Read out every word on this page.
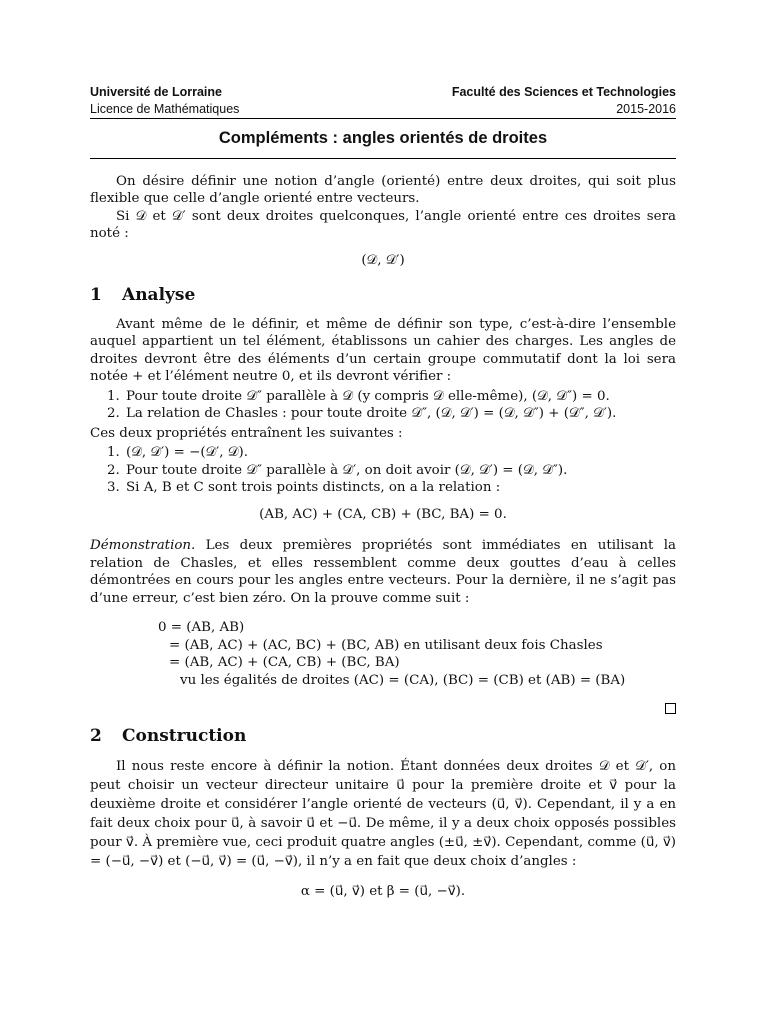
Université de Lorraine	Faculté des Sciences et Technologies
Licence de Mathématiques	2015-2016
Compléments : angles orientés de droites

On désire définir une notion d’angle (orienté) entre deux droites, qui soit plus flexible que celle d’angle orienté entre vecteurs.

Si 𝒟 et 𝒟′ sont deux droites quelconques, l’angle orienté entre ces droites sera noté :

(𝒟, 𝒟′)
1	Analyse

Avant même de le définir, et même de définir son type, c’est-à-dire l’ensemble auquel appartient un tel élément, établissons un cahier des charges. Les angles de droites devront être des éléments d’un certain groupe commutatif dont la loi sera notée + et l’élément neutre 0, et ils devront vérifier :

1. Pour toute droite 𝒟″ parallèle à 𝒟 (y compris 𝒟 elle-même), (𝒟, 𝒟″) = 0.
2. La relation de Chasles : pour toute droite 𝒟″, (𝒟, 𝒟′) = (𝒟, 𝒟″) + (𝒟″, 𝒟′).

Ces deux propriétés entraînent les suivantes :

1. (𝒟, 𝒟′) = −(𝒟′, 𝒟).
2. Pour toute droite 𝒟″ parallèle à 𝒟′, on doit avoir (𝒟, 𝒟′) = (𝒟, 𝒟″).
3. Si A, B et C sont trois points distincts, on a la relation :
(AB, AC) + (CA, CB) + (BC, BA) = 0.

Démonstration. Les deux premières propriétés sont immédiates en utilisant la relation de Chasles, et elles ressemblent comme deux gouttes d’eau à celles démontrées en cours pour les angles entre vecteurs. Pour la dernière, il ne s’agit pas d’une erreur, c’est bien zéro. On la prouve comme suit :

0 = (AB, AB)
= (AB, AC) + (AC, BC) + (BC, AB) en utilisant deux fois Chasles
= (AB, AC) + (CA, CB) + (BC, BA)
vu les égalités de droites (AC) = (CA), (BC) = (CB) et (AB) = (BA)
2	Construction

Il nous reste encore à définir la notion. Étant données deux droites 𝒟 et 𝒟′, on peut choisir un vecteur directeur unitaire u⃗ pour la première droite et v⃗ pour la deuxième droite et considérer l’angle orienté de vecteurs (u⃗, v⃗). Cependant, il y a en fait deux choix pour u⃗, à savoir u⃗ et −u⃗. De même, il y a deux choix opposés possibles pour v⃗. À première vue, ceci produit quatre angles (±u⃗, ±v⃗). Cependant, comme (u⃗, v⃗) = (−u⃗, −v⃗) et (−u⃗, v⃗) = (u⃗, −v⃗), il n’y a en fait que deux choix d’angles :

α = (u⃗, v⃗) et β = (u⃗, −v⃗).
